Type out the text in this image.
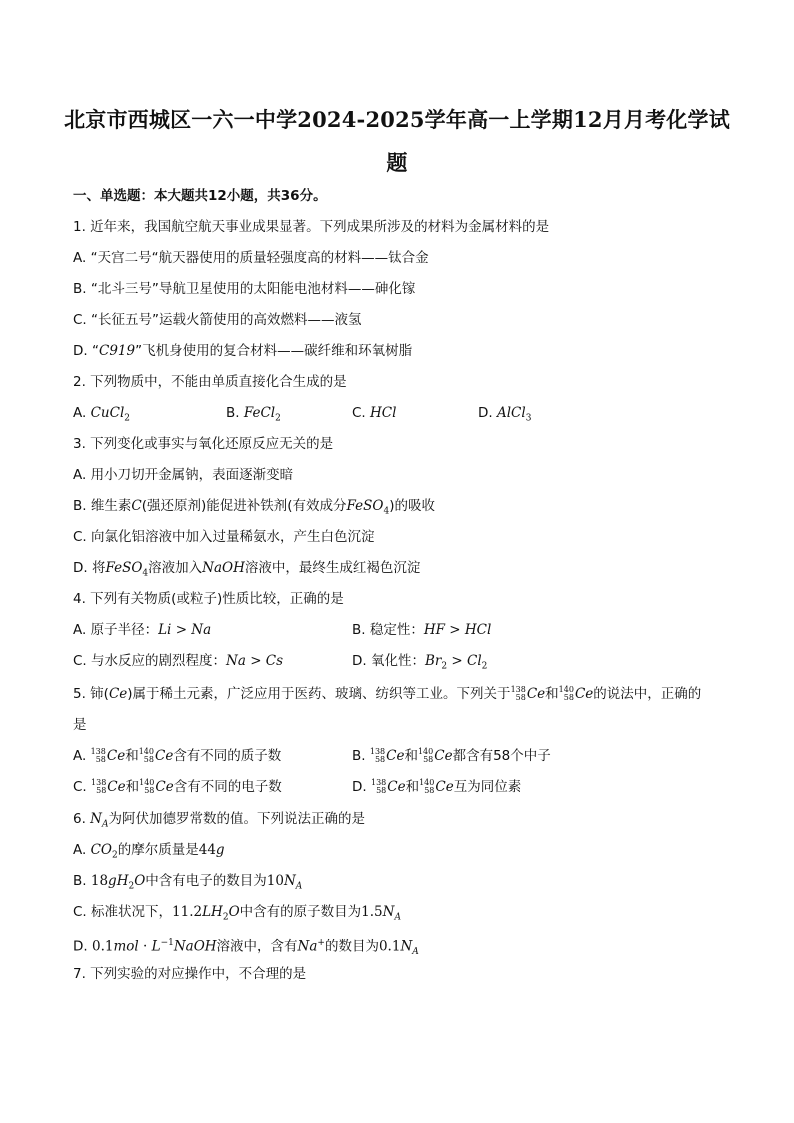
北京市西城区一六一中学2024-2025学年高一上学期12月月考化学试题
一、单选题：本大题共12小题，共36分。
1. 近年来，我国航空航天事业成果显著。下列成果所涉及的材料为金属材料的是
A. “天宫二号“航天器使用的质量轻强度高的材料——钛合金
B. “北斗三号”导航卫星使用的太阳能电池材料——砷化镓
C. “长征五号”运载火箭使用的高效燃料——液氢
D. “C919”飞机身使用的复合材料——碳纤维和环氧树脂
2. 下列物质中，不能由单质直接化合生成的是
A. CuCl$_2$	B. FeCl$_2$	C. HCl	D. AlCl$_3$
3. 下列变化或事实与氧化还原反应无关的是
A. 用小刀切开金属钠，表面逐渐变暗
B. 维生素C(强还原剂)能促进补铁剂(有效成分FeSO$_4$)的吸收
C. 向氯化铝溶液中加入过量稀氨水，产生白色沉淀
D. 将FeSO$_4$溶液加入NaOH溶液中，最终生成红褐色沉淀
4. 下列有关物质(或粒子)性质比较，正确的是
A. 原子半径：Li > Na	B. 稳定性：HF > HCl
C. 与水反应的剧烈程度：Na > Cs	D. 氧化性：$Br_2 > Cl_2$
5. 铈(Ce)属于稀土元素，广泛应用于医药、玻璃、纺织等工业。下列关于 138
58 Ce和 140
58 Ce的说法中，正确的
是
A. 138
58 Ce和 140
58 Ce含有不同的质子数	B. 138
58 Ce和 140
58 Ce都含有58个中子
C. 138
58 Ce和 140
58 Ce含有不同的电子数	D. 138
58 Ce和 140
58 Ce互为同位素
6. $N_A$为阿伏加德罗常数的值。下列说法正确的是
A. $CO_2$的摩尔质量是44g
B. $18gH_2O$中含有电子的数目为$10N_A$
C. 标准状况下，$11.2LH_2O$中含有的原子数目为$1.5N_A$
D. $0.1mol \cdot L^{-1}NaOH$溶液中，含有Na+的数目为$0.1N_A$
7. 下列实验的对应操作中，不合理的是
